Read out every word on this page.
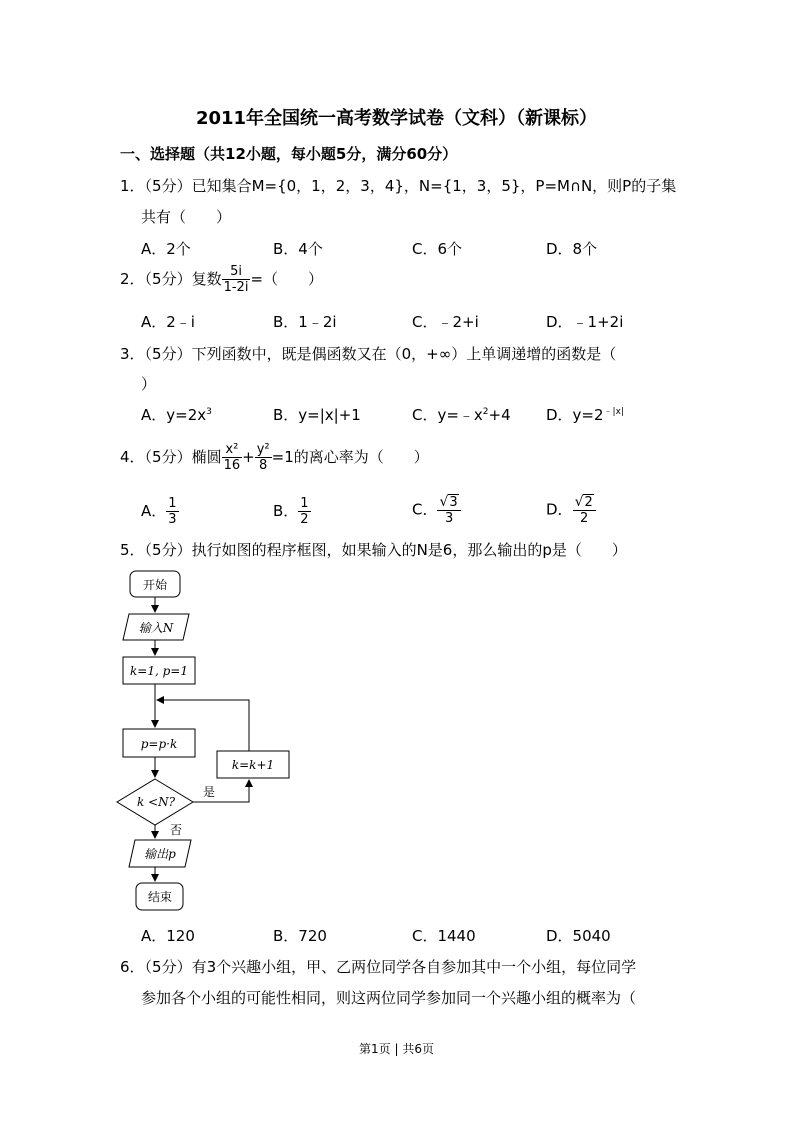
2011年全国统一高考数学试卷（文科）（新课标）
一、选择题（共12小题，每小题5分，满分60分）
1．（5分）已知集合M={0，1，2，3，4}，N={1，3，5}，P=M∩N，则P的子集
共有（　　）
A．2个	B．4个	C．6个	D．8个
2．（5分）复数 $\frac{5i}{1-2i}$ =（　　）
A．2﹣i	B．1﹣2i	C．﹣2+i	D．﹣1+2i
3．（5分）下列函数中，既是偶函数又在（0，+∞）上单调递增的函数是（
）
A．$y=2x^3$	B．y=|x|+1	C．$y=﹣x^2+4$ D．$y=2^{﹣|x|}$
4．（5分）椭圆 $\frac{\text{x²}}{16} + \frac{\text{y²}}{8} =1$的离心率为（　　）
A． $\frac{1}{3}$	B． $\frac{1}{2}$	C． $\frac{√3}{3}$	D． $\frac{√2}{2}$
5．（5分）执行如图的程序框图，如果输入的N是6，那么输出的p是（　　）
开始
输入N
k=1, p=1
p=p·k
k <N?
是
k=k+1
否
输出p
结束
A．120	B．720	C．1440	D．5040
6．（5分）有3个兴趣小组，甲、乙两位同学各自参加其中一个小组，每位同学
参加各个小组的可能性相同，则这两位同学参加同一个兴趣小组的概率为（
第1页 | 共6页
